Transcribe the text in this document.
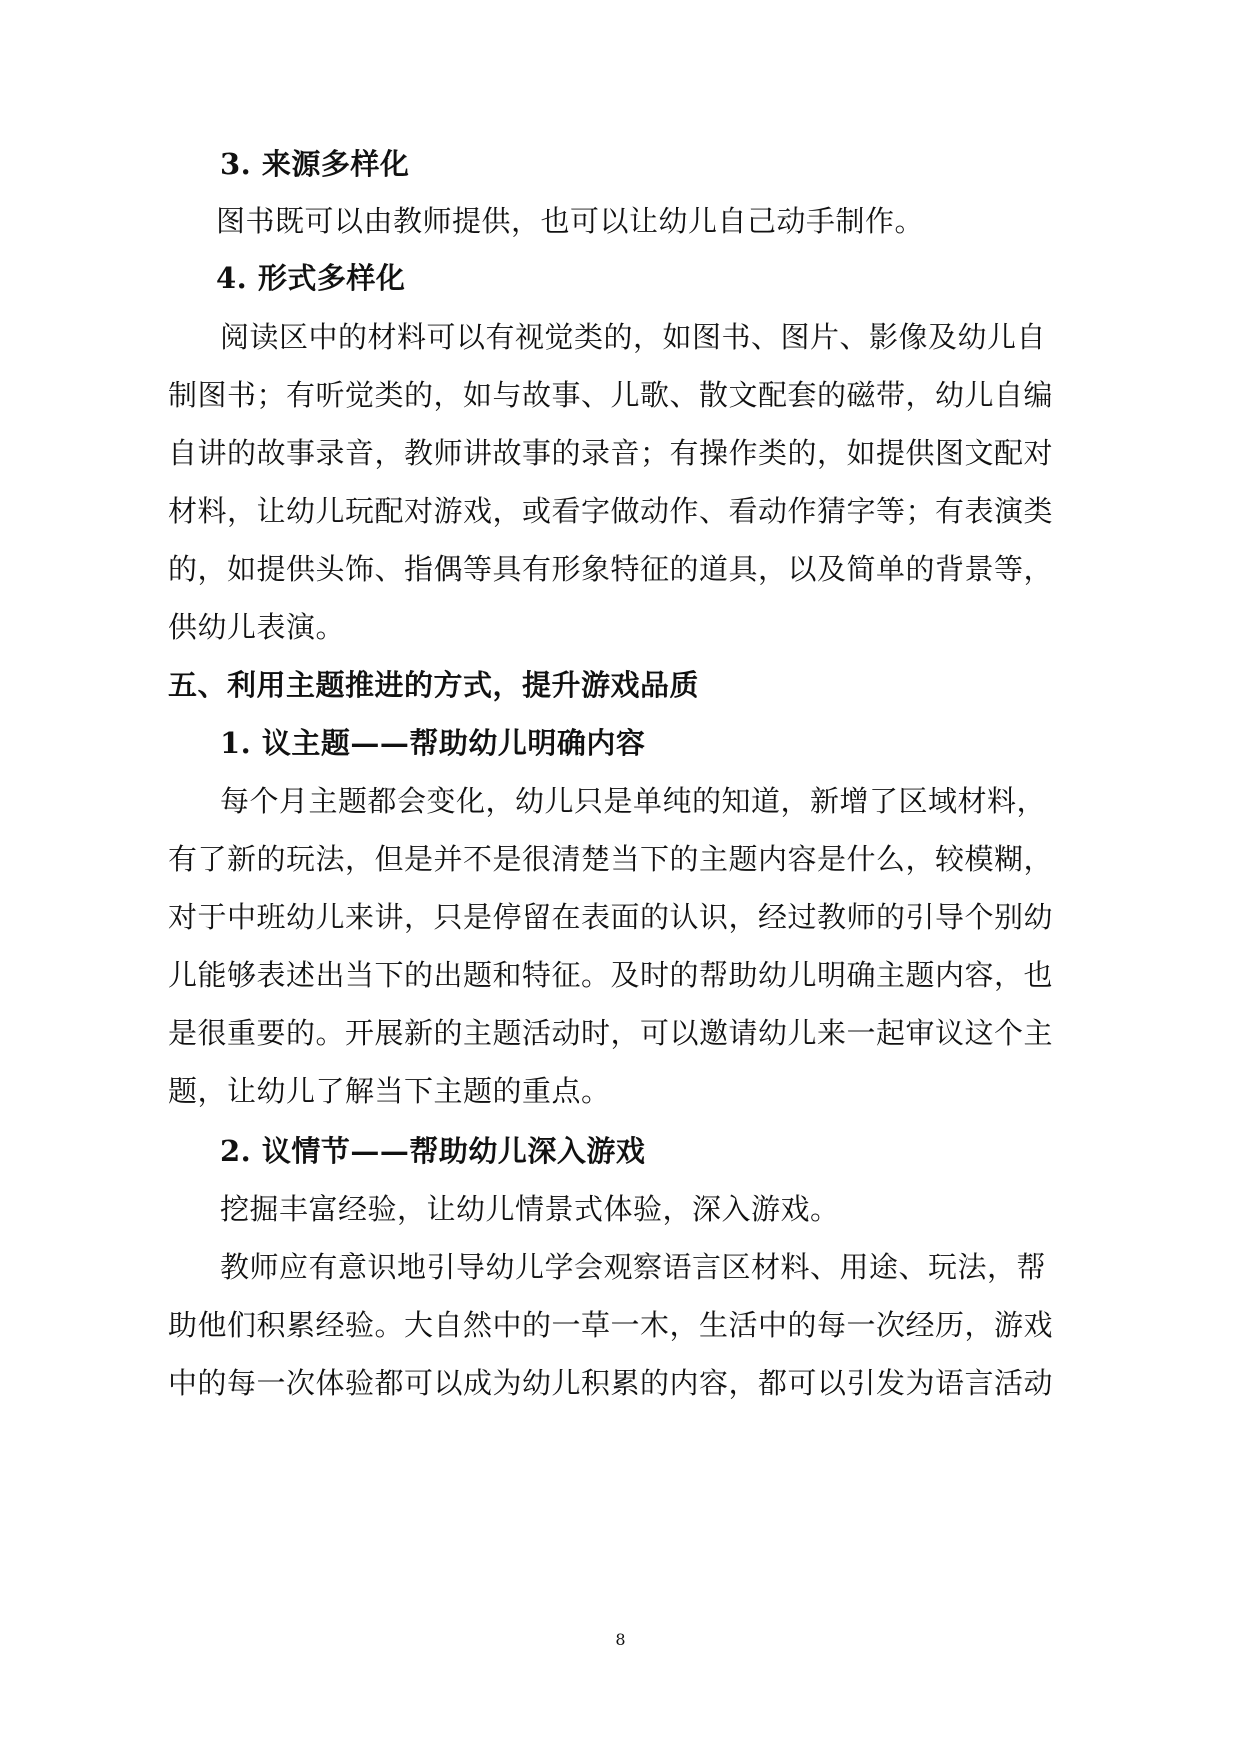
3. 来源多样化
图书既可以由教师提供，也可以让幼儿自己动手制作。
4. 形式多样化
阅读区中的材料可以有视觉类的，如图书、图片、影像及幼儿自
制图书；有听觉类的，如与故事、儿歌、散文配套的磁带，幼儿自编
自讲的故事录音，教师讲故事的录音；有操作类的，如提供图文配对
材料，让幼儿玩配对游戏，或看字做动作、看动作猜字等；有表演类
的，如提供头饰、指偶等具有形象特征的道具，以及简单的背景等，
供幼儿表演。
五、利用主题推进的方式，提升游戏品质
1. 议主题——帮助幼儿明确内容
每个月主题都会变化，幼儿只是单纯的知道，新增了区域材料，
有了新的玩法，但是并不是很清楚当下的主题内容是什么，较模糊，
对于中班幼儿来讲，只是停留在表面的认识，经过教师的引导个别幼
儿能够表述出当下的出题和特征。及时的帮助幼儿明确主题内容，也
是很重要的。开展新的主题活动时，可以邀请幼儿来一起审议这个主
题，让幼儿了解当下主题的重点。
2. 议情节——帮助幼儿深入游戏
挖掘丰富经验，让幼儿情景式体验，深入游戏。
教师应有意识地引导幼儿学会观察语言区材料、用途、玩法，帮
助他们积累经验。大自然中的一草一木，生活中的每一次经历，游戏
中的每一次体验都可以成为幼儿积累的内容，都可以引发为语言活动
8
